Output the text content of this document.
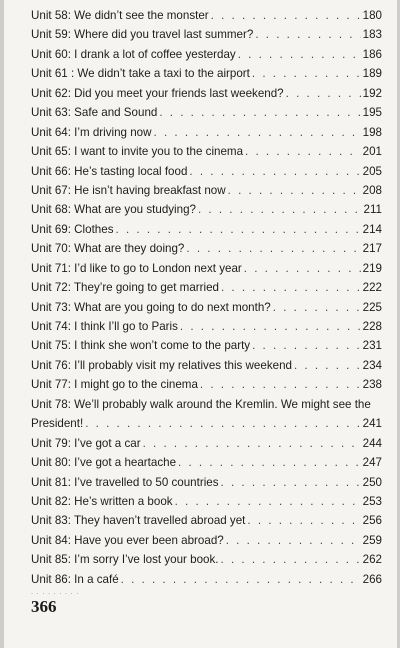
Unit 58: We didn’t see the monster . . .	180
Unit 59: Where did you travel last summer? . . .	183
Unit 60: I drank a lot of coffee yesterday . . .	186
Unit 61 : We didn’t take a taxi to the airport . . .	189
Unit 62: Did you meet your friends last weekend? . . .	192
Unit 63: Safe and Sound . . .	195
Unit 64: I’m driving now . . .	198
Unit 65: I want to invite you to the cinema . . .	201
Unit 66: He’s tasting local food . . .	205
Unit 67: He isn’t having breakfast now . . .	208
Unit 68: What are you studying? . . .	211
Unit 69: Clothes . . .	214
Unit 70: What are they doing? . . .	217
Unit 71: I’d like to go to London next year . . .	219
Unit 72: They’re going to get married . . .	222
Unit 73: What are you going to do next month? . . .	225
Unit 74: I think I’ll go to Paris . . .	228
Unit 75: I think she won’t come to the party . . .	231
Unit 76: I’ll probably visit my relatives this weekend . . .	234
Unit 77: I might go to the cinema . . .	238
Unit 78: We’ll probably walk around the Kremlin. We might see the
President! . . .	241
Unit 79: I’ve got a car . . .	244
Unit 80: I’ve got a heartache . . .	247
Unit 81: I’ve travelled to 50 countries . . .	250
Unit 82: He’s written a book . . .	253
Unit 83: They haven’t travelled abroad yet . . .	256
Unit 84: Have you ever been abroad? . . .	259
Unit 85: I’m sorry I’ve lost your book. . . .	262
Unit 86: In a café . . .	266
· · ·
366
